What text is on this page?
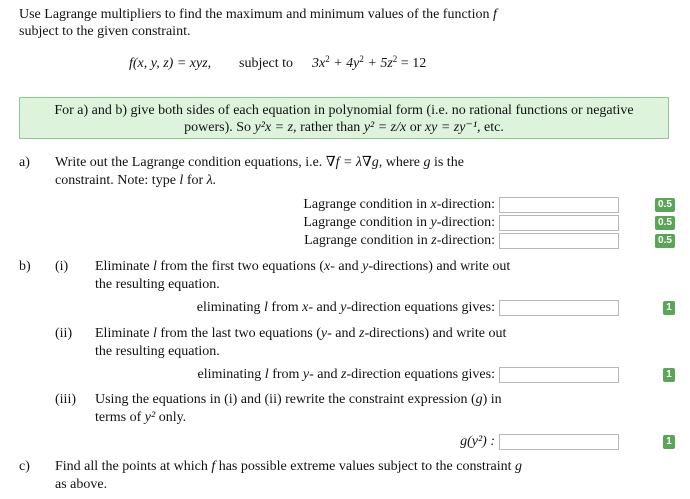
Use Lagrange multipliers to find the maximum and minimum values of the function f
subject to the given constraint.
f(x, y, z) = xyz, subject to $3x^2 + 4y^2 + 5z^2 = 12$
For a) and b) give both sides of each equation in polynomial form (i.e. no rational functions or negative
powers). So y²x = z, rather than y² = z/x or xy = zy⁻¹, etc.
a) Write out the Lagrange condition equations, i.e. ∇f = λ∇g, where g is the
constraint. Note: type l for λ.
Lagrange condition in x-direction:	0.5
Lagrange condition in y-direction:	0.5
Lagrange condition in z-direction:	0.5
b) (i) Eliminate l from the first two equations (x- and y-directions) and write out
the resulting equation.
eliminating l from x- and y-direction equations gives:	1
(ii) Eliminate l from the last two equations (y- and z-directions) and write out
the resulting equation.
eliminating l from y- and z-direction equations gives:	1
(iii) Using the equations in (i) and (ii) rewrite the constraint expression (g) in
terms of y² only.
g(y²) :	1
c) Find all the points at which f has possible extreme values subject to the constraint g
as above.
